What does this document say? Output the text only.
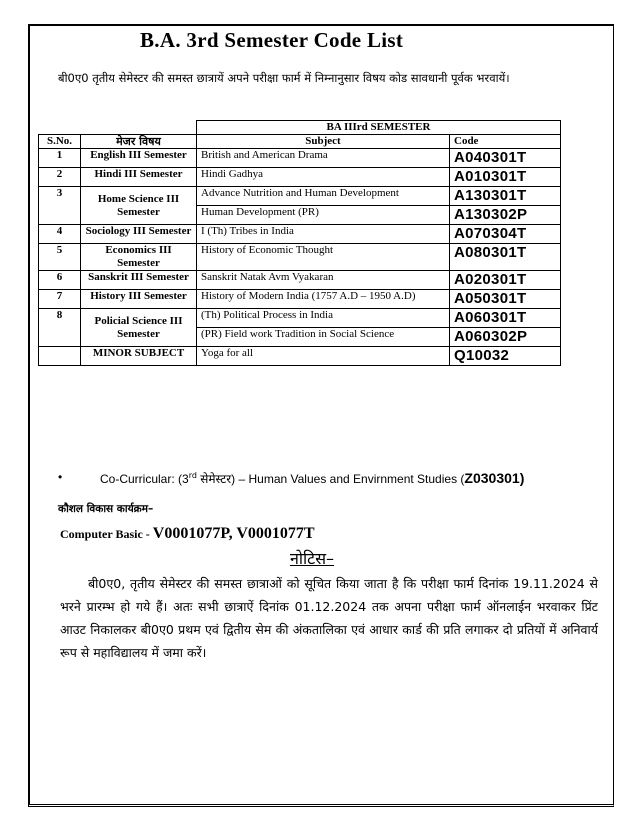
B.A. 3rd Semester Code List
बी0ए0 तृतीय सेमेस्टर की समस्त छात्रायें अपने परीक्षा फार्म में निम्नानुसार विषय कोड सावधानी पूर्वक भरवायें।
		BA IIIrd SEMESTER	
S.No.	मेजर विषय	Subject	Code
1	English III Semester	British and American Drama	A040301T
2	Hindi III Semester	Hindi Gadhya	A010301T
3	Home Science III Semester	Advance Nutrition and Human Development	A130301T
		Human Development (PR)	A130302P
4	Sociology III Semester	I (Th) Tribes in India	A070304T
5	Economics III Semester	History of Economic Thought	A080301T
6	Sanskrit III Semester	Sanskrit Natak Avm Vyakaran	A020301T
7	History III Semester	History of Modern India (1757 A.D – 1950 A.D)	A050301T
8	Policial Science III Semester	(Th) Political Process in India	A060301T
		(PR) Field work Tradition in Social Science	A060302P
	MINOR SUBJECT	Yoga for all	Q10032
•	Co-Curricular: (3rd सेमेस्टर) – Human Values and Envirnment Studies (Z030301)
कौशल विकास कार्यक्रम–
Computer Basic - V0001077P, V0001077T
नोटिस–
बी0ए0, तृतीय सेमेस्टर की समस्त छात्राओं को सूचित किया जाता है कि परीक्षा फार्म दिनांक 19.11.2024 से भरने प्रारम्भ हो गये हैं। अतः सभी छात्राऐं दिनांक 01.12.2024 तक अपना परीक्षा फार्म ऑनलाईन भरवाकर प्रिंट आउट निकालकर बी0ए0 प्रथम एवं द्वितीय सेम की अंकतालिका एवं आधार कार्ड की प्रति लगाकर दो प्रतियों में अनिवार्य रूप से महाविद्यालय में जमा करें।
